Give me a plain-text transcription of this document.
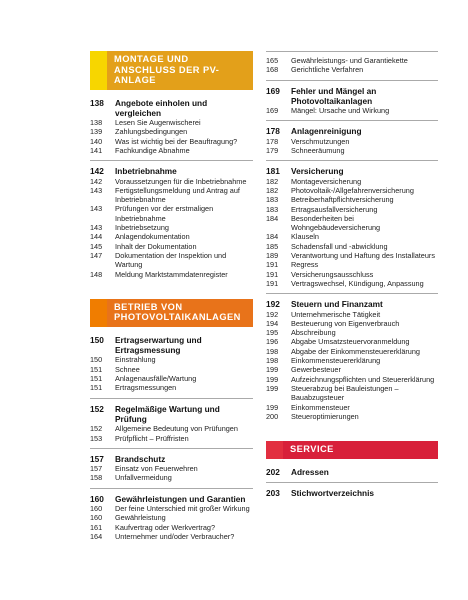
MONTAGE UND ANSCHLUSS DER PV-ANLAGE
138	Angebote einholen und vergleichen
138	Lesen Sie Augenwischerei
139	Zahlungsbedingungen
140	Was ist wichtig bei der Beauftragung?
141	Fachkundige Abnahme
142	Inbetriebnahme
142	Voraussetzungen für die Inbetriebnahme
143	Fertigstellungsmeldung und Antrag auf Inbetriebnahme
143	Prüfungen vor der erstmaligen Inbetriebnahme
143	Inbetriebsetzung
144	Anlagendokumentation
145	Inhalt der Dokumentation
147	Dokumentation der Inspektion und Wartung
148	Meldung Marktstammdatenregister
BETRIEB VON PHOTOVOLTAIKANLAGEN
150	Ertragserwartung und Ertragsmessung
150	Einstrahlung
151	Schnee
151	Anlagenausfälle/Wartung
151	Ertragsmessungen
152	Regelmäßige Wartung und Prüfung
152	Allgemeine Bedeutung von Prüfungen
153	Prüfpflicht – Prüffristen
157	Brandschutz
157	Einsatz von Feuerwehren
158	Unfallvermeidung
160	Gewährleistungen und Garantien
160	Der feine Unterschied mit großer Wirkung
160	Gewährleistung
161	Kaufvertrag oder Werkvertrag?
164	Unternehmer und/oder Verbraucher?
165	Gewährleistungs- und Garantiekette
168	Gerichtliche Verfahren
169	Fehler und Mängel an Photovoltaikanlagen
169	Mängel: Ursache und Wirkung
178	Anlagenreinigung
178	Verschmutzungen
179	Schneeräumung
181	Versicherung
182	Montageversicherung
182	Photovoltaik-/Allgefahrenversicherung
183	Betreiberhaftpflichtversicherung
183	Ertragsausfallversicherung
184	Besonderheiten bei Wohngebäudeversicherung
184	Klauseln
185	Schadensfall und -abwicklung
189	Verantwortung und Haftung des Installateurs
191	Regress
191	Versicherungsausschluss
191	Vertragswechsel, Kündigung, Anpassung
192	Steuern und Finanzamt
192	Unternehmerische Tätigkeit
194	Besteuerung von Eigenverbrauch
195	Abschreibung
196	Abgabe Umsatzsteuervoranmeldung
198	Abgabe der Einkommensteuererklärung
198	Einkommensteuererklärung
199	Gewerbesteuer
199	Aufzeichnungspflichten und Steuererklärung
199	Steuerabzug bei Bauleistungen – Bauabzugsteuer
199	Einkommensteuer
200	Steueroptimierungen
SERVICE
202	Adressen
203	Stichwortverzeichnis
